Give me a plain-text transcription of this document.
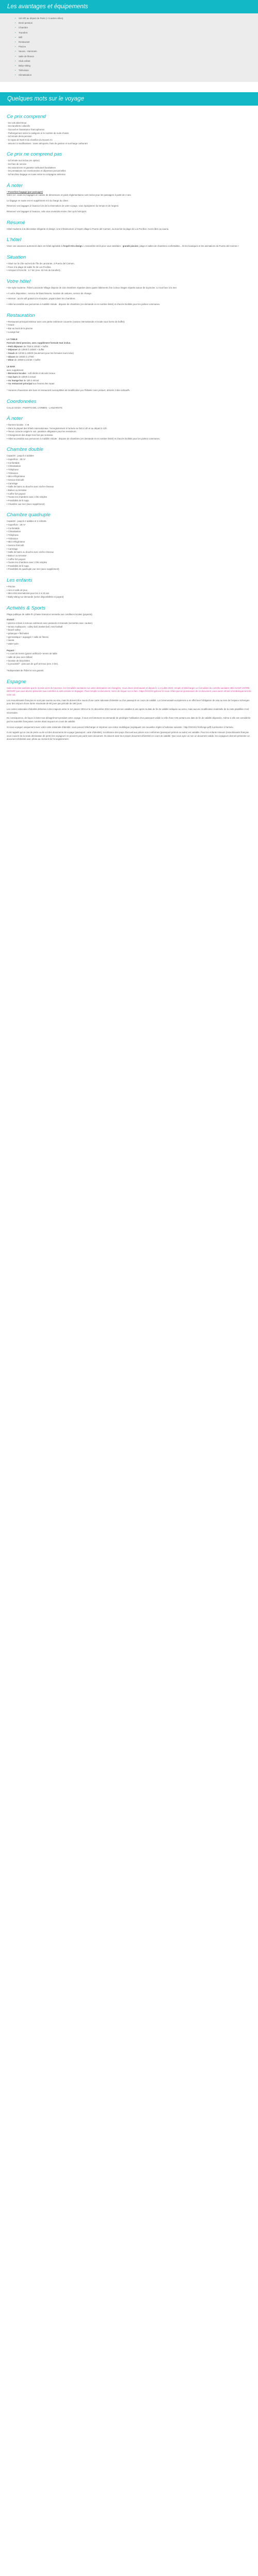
Les avantages et équipements
• Vol A/R au départ de Paris (+ 5 autres villes)
• Demi-pension
• Chambre
• Transfert
• Wifi
• Restaurant
• Piscine
• Sauna - Hammam
• Salle de fitness
• Club enfant
• Baby-sitting
• Télévision
• Climatisation
Quelques mots sur le voyage
Ce prix comprend
- les vols aller/retour
- les transferts collectifs
- l'accueil et l'assistance francophones
- l'hébergement selon la catégorie et le nombre de nuits choisis
- la formule demi-pension
- le repas de Noël et du réveillon du Nouvel An
- assurez à modifications : taxes aéroports, frais de gestion et surcharge carburant
Ce prix ne comprend pas
- la formule tout inclus (en option)
- les frais de service
- les assurances et garantie carburant facultatives
- les prestations non mentionnées et dépenses personnelles
- la franchise bagage en soute selon la compagnie aérienne
À noter
• Franchise bagage (par passager)

Votre vol : seuls les bagages en cabine de dimensions et poids réglementaires sont inclus pour les passagers à partir de 2 ans.

Le bagage en soute est en supplément et à la charge du client.

Réservez vos bagages à l'avance lors de la réservation de votre voyage, vous épargnerez du temps et de l'argent.

Réservez vos bagages à l'avance, cela vous reviendra moins cher qu'à l'aéroport.

Résumé

Hôtel moderne à la décoration élégante et design. Une infrastructure à l'esprit village à Puerto del Carmen, au bord de la plage de Los Pocillos. Accès libre au sauna.

L'hôtel

Vivez vos vacances autrement dans cet hôtel agréable à l'esprit très design. L'ensemble est là pour vous satisfaire : grande piscine, plage et salles de chambres confortables... Et les boutiques et les animations de Puerto del Carmen !

Situation
• Situé sur la côte sud-est de l'île de Lanzarote, à Puerto del Carmen.
• Face à la plage de sable fin de Los Pocillos.
• Aéroport d'Arrecife : à 7 km (env. 10 min de transfert).
Votre hôtel

• De style moderne, l'hôtel Lanzarote Village dispose de 215 chambres réparties dans quatre bâtiments d'un à deux étages répartis autour de la piscine. Le tout face à la mer.

• À votre disposition : service de blanchisserie, location de voitures, service de change.

• Internet : accès wifi gratuit à la réception, payant dans les chambres.

• Hôtel accessible aux personnes à mobilité réduite : dispose de chambres (en demande et en nombre limité) et d'accès facilités pour les parties communes.

Restauration
• Restaurant principal intérieur avec une partie extérieure couverte (cuisine internationale et locale sous forme de buffet).
• Snack
• Bar au bord de la piscine
• Lounge bar
LA TABLE
Formule demi-pension, avec supplément formule tout inclus.
• Petit déjeuner de 7h30 à 10h30 > buffet
• Déjeuner de 13h00 à 15h00 > buffet
• Snack de 12h30 à 15h00 (seulement pour les formules tout inclus)
• Glaces de 15h30 à 17h00
• Dîner de 19h00 à 21h30 > buffet
LE BAR
avec supplément
• Boissons locales : soft drinks et alcools locaux
• Aux bars de 10h00 à minuit
• Au lounge bar de 18h à minuit
• Au restaurant principal aux heures des repas

* Horaires d'ouverture des bars et restaurants susceptibles de modification par l'hôtelier sans préavis, donnés à titre indicatifs.

Coordonnées
CALLE SIADA - PUERTO DEL CARMEN - LANZAROTE
À noter
• Normes locales : 4 ★
• Dans la plupart des hôtels internationaux, l'enregistrement à l'arrivée se fait à 14h et au départ à 12h.
• Tenue correcte exigée le soir, pantalon obligatoire pour les messieurs.
• Changement des draps trois fois par semaine.
• Hôtel accessible aux personnes à mobilité réduite : dispose de chambres (en demande et en nombre limité) et d'accès facilités pour les parties communes.
Chambre double
Capacité : jusqu'à 3 adultes
• Superficie : 28 m²
• Confortable
• Climatisation
• Téléphone
• Télévision
• Mini-réfrigérateur
• Service thé/café
• Carrelage
• Salle de bains ou douche avec sèche-cheveux
• Balcon ou terrasse
• Coffre-fort payant
• Toutes les chambres avec 2 lits simples
• Possibilité de lit supp.
• Chambre vue mer (avec supplément)
Chambre quadruple
Capacité : jusqu'à 2 adultes et 2 enfants.
• Superficie : 28 m²
• Confortable
• Climatisation
• Téléphone
• Télévision
• Mini-réfrigérateur
• Service thé/café
• Carrelage
• Salle de bains ou douche avec sèche-cheveux
• Balcon ou terrasse
• Coffre-fort payant
• Toutes les chambres avec 2 lits simples
• Possibilité de lit supp.
• Possibilité de quadruple vue mer (avec supplément)
Les enfants
• Piscine
• Aire et salle de jeux
• Mini-club international pour les 4 à 10 ans
• Baby-sitting sur demande (selon disponibilités et payant)
Activités & Sports

Plage publique de sable fin (chaise transat et serviette aux conditions locales (payants).

Gratuit :
• piscine et bain à remous extérieurs avec parasols et transats (serviettes avec caution)
• terrain multisports : volley-ball, basket-ball, mini-football
• beach-volley
• pétanque • fléchettes
• gymnastique • aquagym • salle de fitness
• sauna
• water-polo
Payant :
• 1 court de tennis (gazon artificiel) • tennis de table
• salle de jeux avec billard
• location de bicyclettes
• à proximité* : parcours de golf 18 trous (env. 3 km).

*Indépendant de l'hôtel et non garanti.

Espagne

Suite à la crise sanitaire que le monde vient de traverser, les formalités sanitaires sur votre destination ont changées. Vous devez dorénavant et depuis le 1 er juillet 2020, remplir et télécharger un formulaire de contrôle sanitaire 48H AVANT VOTRE DÉPART que vous devrez présenter aux contrôles à votre arrivée en Espagne. Pour remplir ce document, merci de cliquer sur ce lien : https://XXXXX.gob.es/ Si vous n'êtes pas en possession de ce document, vous serez refusé à l'embarquement de votre vol.

Les ressortissants français ne sont pas soumis au visa, mais ils doivent être munis d'une carte nationale d'identité ou d'un passeport en cours de validité. La Communauté européenne a en effet levé l'obligation de visa au sein de l'espace Schengen pour des séjours d'une durée maximale de 90 jours par période de 180 jours.

Les cartes nationales d'identité délivrées à des majeurs entre le 1er janvier 2004 et le 31 décembre 2013 seront encore valables 5 ans après la date de fin de validité indiquée au verso, mais aucune modification matérielle de la carte plastifiée n'est nécessaire.

En conséquence, de façon à éviter tout désagrément pendant votre voyage, il vous est fortement recommandé de privilégier l'utilisation d'un passeport valide à celle d'une CNI portant une date de fin de validité dépassée, même si elle est considérée par les autorités françaises comme étant toujours en cours de validité.

Si vous voyagez uniquement avec votre carte nationale d'identité, vous pouvez télécharger et imprimer une notice multilingue (expliquant ces nouvelles règles à l'adresse suivante : http://XXXXX.fr/Allonge.pdf) à présenter à l'arrivée.

Il est rappelé qu'un cas de perte ou de vol des documents de voyage (passeport, carte d'identité), la tolérance des pays d'accueil aux pièces non conformes (passeport périmé ou autre) est variable. Pour les enfants mineurs (ressortissants français sous couvert de la seule déclaration de perte) les voyageurs ne peuvent pas partir sans document. Ils doivent avoir leur propre document d'identité en cours de validité. Que vous ayez ou non un document valide, les voyageurs devront présenter un document d'identité avec photo au moment de l'enregistrement.
